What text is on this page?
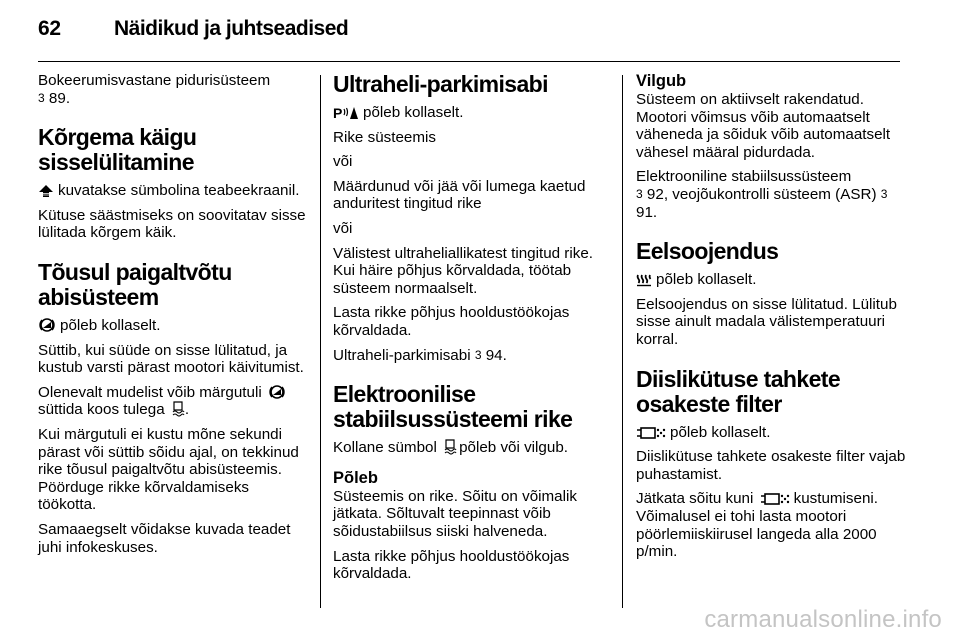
62	Näidikud ja juhtseadised

Bokeerumisvastane pidurisüsteem
3 89.

Kõrgema käigu sisselülitamine

kuvatakse sümbolina teabeekraanil.

Kütuse säästmiseks on soovitatav sisse lülitada kõrgem käik.

Tõusul paigaltvõtu abisüsteem

põleb kollaselt.

Süttib, kui süüde on sisse lülitatud, ja kustub varsti pärast mootori käivitumist.

Olenevalt mudelist võib märgutuli
süttida koos tulega .

Kui märgutuli ei kustu mõne sekundi pärast või süttib sõidu ajal, on tekkinud rike tõusul paigaltvõtu abisüsteemis. Pöörduge rikke kõrvaldamiseks töökotta.

Samaaegselt võidakse kuvada teadet juhi infokeskuses.

Ultraheli-parkimisabi

P põleb kollaselt.

Rike süsteemis

või

Määrdunud või jää või lumega kaetud anduritest tingitud rike

või

Välistest ultraheliallikatest tingitud rike. Kui häire põhjus kõrvaldada, töötab süsteem normaalselt.

Lasta rikke põhjus hooldustöökojas kõrvaldada.

Ultraheli-parkimisabi 3 94.

Elektroonilise stabiilsussüsteemi rike

Kollane sümbol põleb või vilgub.

Põleb

Süsteemis on rike. Sõitu on võimalik jätkata. Sõltuvalt teepinnast võib sõidustabiilsus siiski halveneda.

Lasta rikke põhjus hooldustöökojas kõrvaldada.

Vilgub

Süsteem on aktiivselt rakendatud. Mootori võimsus võib automaatselt väheneda ja sõiduk võib automaatselt vähesel määral pidurdada.

Elektrooniline stabiilsussüsteem
3 92, veojõukontrolli süsteem (ASR) 3 91.

Eelsoojendus

põleb kollaselt.

Eelsoojendus on sisse lülitatud. Lülitub sisse ainult madala välistemperatuuri korral.

Diislikütuse tahkete osakeste filter

põleb kollaselt.

Diislikütuse tahkete osakeste filter vajab puhastamist.

Jätkata sõitu kuni	kustumiseni. Võimalusel ei tohi lasta mootori pöörlemiiskiirusel langeda alla 2000 p/min.

carmanualsonline.info
